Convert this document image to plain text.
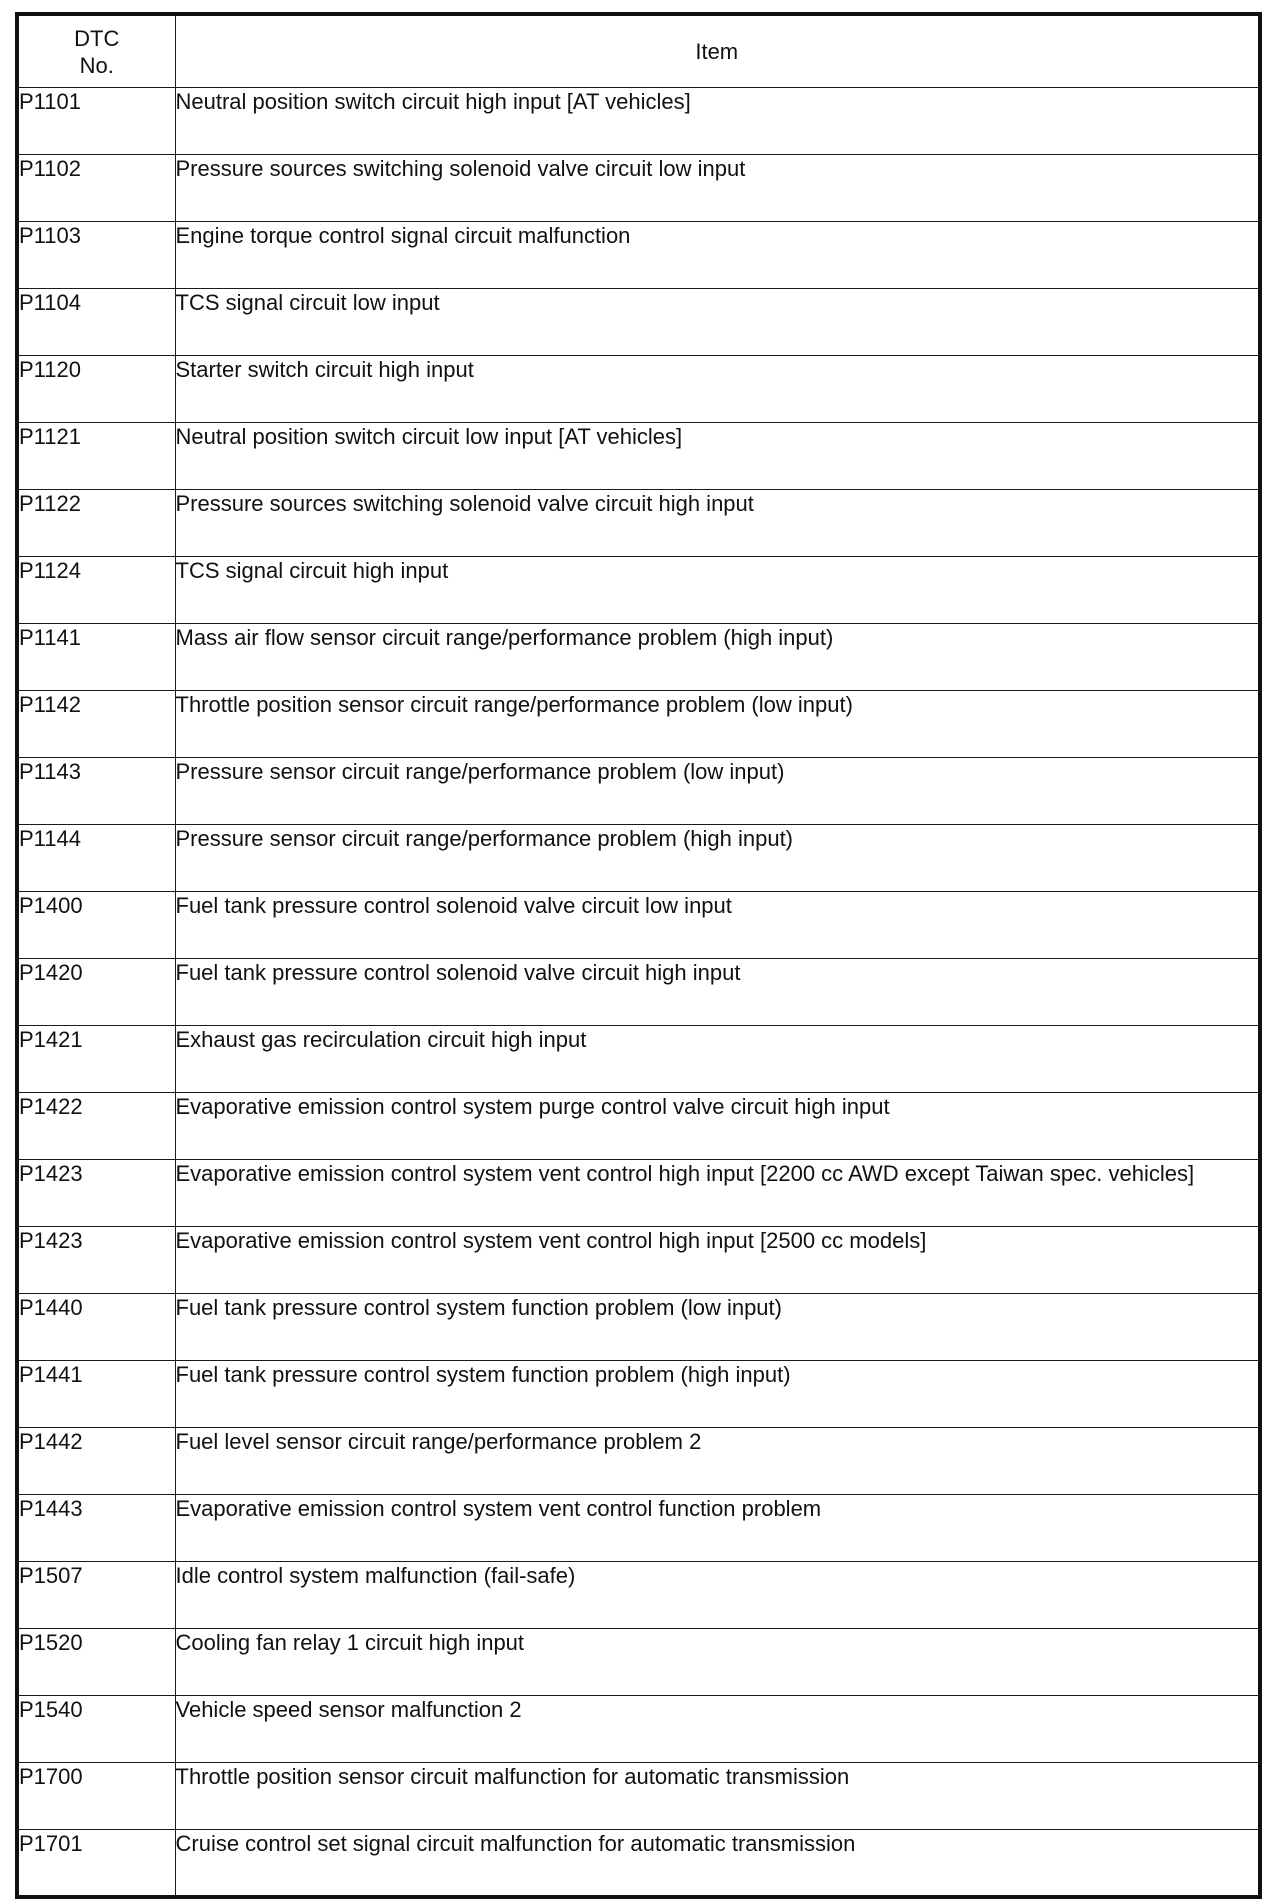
DTC
No.	Item
P1101	Neutral position switch circuit high input [AT vehicles]
P1102	Pressure sources switching solenoid valve circuit low input
P1103	Engine torque control signal circuit malfunction
P1104	TCS signal circuit low input
P1120	Starter switch circuit high input
P1121	Neutral position switch circuit low input [AT vehicles]
P1122	Pressure sources switching solenoid valve circuit high input
P1124	TCS signal circuit high input
P1141	Mass air flow sensor circuit range/performance problem (high input)
P1142	Throttle position sensor circuit range/performance problem (low input)
P1143	Pressure sensor circuit range/performance problem (low input)
P1144	Pressure sensor circuit range/performance problem (high input)
P1400	Fuel tank pressure control solenoid valve circuit low input
P1420	Fuel tank pressure control solenoid valve circuit high input
P1421	Exhaust gas recirculation circuit high input
P1422	Evaporative emission control system purge control valve circuit high input
P1423	Evaporative emission control system vent control high input [2200 cc AWD except Taiwan spec. vehicles]
P1423	Evaporative emission control system vent control high input [2500 cc models]
P1440	Fuel tank pressure control system function problem (low input)
P1441	Fuel tank pressure control system function problem (high input)
P1442	Fuel level sensor circuit range/performance problem 2
P1443	Evaporative emission control system vent control function problem
P1507	Idle control system malfunction (fail-safe)
P1520	Cooling fan relay 1 circuit high input
P1540	Vehicle speed sensor malfunction 2
P1700	Throttle position sensor circuit malfunction for automatic transmission
P1701	Cruise control set signal circuit malfunction for automatic transmission
